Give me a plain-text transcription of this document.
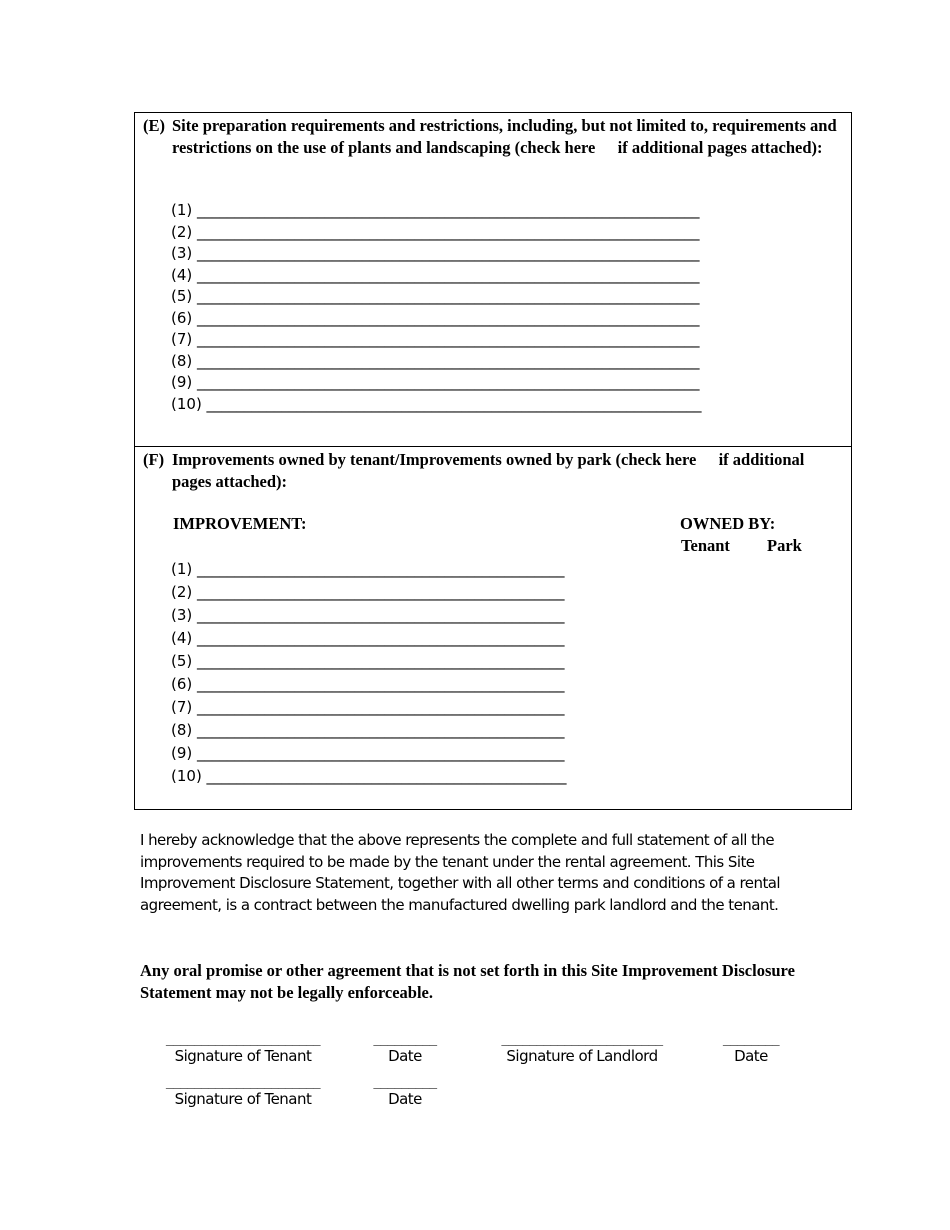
(E) Site preparation requirements and restrictions, including, but not limited to, requirements and restrictions on the use of plants and landscaping (check here if additional pages attached):
(1) ___________________________________________________________________
(2) ___________________________________________________________________
(3) ___________________________________________________________________
(4) ___________________________________________________________________
(5) ___________________________________________________________________
(6) ___________________________________________________________________
(7) ___________________________________________________________________
(8) ___________________________________________________________________
(9) ___________________________________________________________________
(10) __________________________________________________________________
(F) Improvements owned by tenant/Improvements owned by park (check here if additional pages attached):
IMPROVEMENT:	OWNED BY:
Tenant Park
(1) _________________________________________________
(2) _________________________________________________
(3) _________________________________________________
(4) _________________________________________________
(5) _________________________________________________
(6) _________________________________________________
(7) _________________________________________________
(8) _________________________________________________
(9) _________________________________________________
(10) ________________________________________________

I hereby acknowledge that the above represents the complete and full statement of all the improvements required to be made by the tenant under the rental agreement. This Site Improvement Disclosure Statement, together with all other terms and conditions of a rental agreement, is a contract between the manufactured dwelling park landlord and the tenant.

Any oral promise or other agreement that is not set forth in this Site Improvement Disclosure Statement may not be legally enforceable.

______________________
Signature of Tenant
_________
Date
_______________________
Signature of Landlord
________
Date
______________________
Signature of Tenant
_________
Date
